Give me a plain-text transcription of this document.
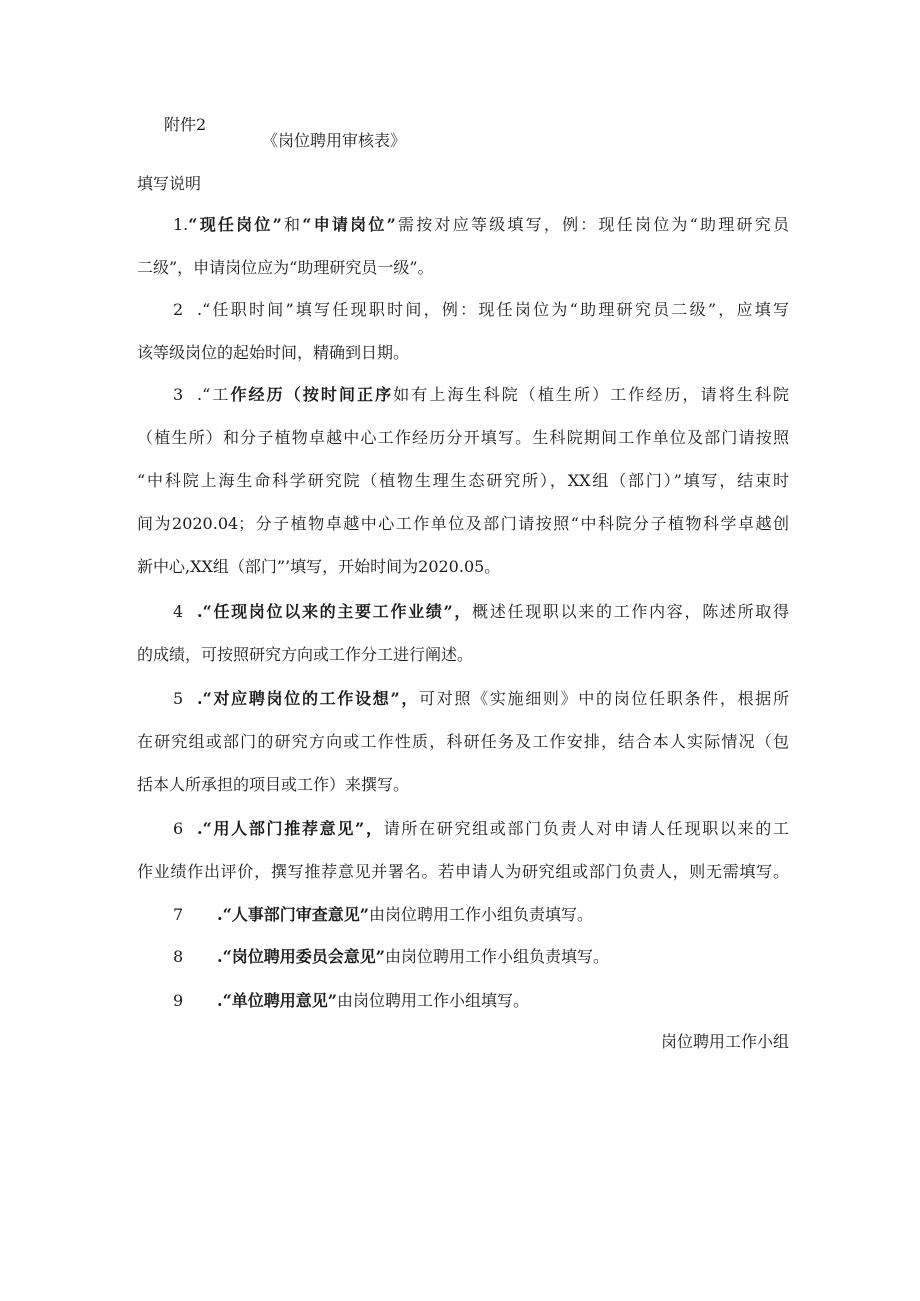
附件2
《岗位聘用审核表》
填写说明
1.“现任岗位”和“申请岗位”需按对应等级填写，例：现任岗位为“助理研究员
二级”，申请岗位应为“助理研究员一级”。
2 .“任职时间”填写任现职时间，例：现任岗位为“助理研究员二级”，应填写
该等级岗位的起始时间，精确到日期。
3 .“工作经历（按时间正序如有上海生科院（植生所）工作经历，请将生科院
（植生所）和分子植物卓越中心工作经历分开填写。生科院期间工作单位及部门请按照
“中科院上海生命科学研究院（植物生理生态研究所），XX组（部门）”填写，结束时
间为2020.04；分子植物卓越中心工作单位及部门请按照“中科院分子植物科学卓越创
新中心,XX组（部门”’填写，开始时间为2020.05。
4 .“任现岗位以来的主要工作业绩”，概述任现职以来的工作内容，陈述所取得
的成绩，可按照研究方向或工作分工进行阐述。
5 .“对应聘岗位的工作设想”，可对照《实施细则》中的岗位任职条件，根据所
在研究组或部门的研究方向或工作性质，科研任务及工作安排，结合本人实际情况（包
括本人所承担的项目或工作）来撰写。
6 .“用人部门推荐意见”，请所在研究组或部门负责人对申请人任现职以来的工
作业绩作出评价，撰写推荐意见并署名。若申请人为研究组或部门负责人，则无需填写。
7 .“人事部门审查意见”由岗位聘用工作小组负责填写。
8 .“岗位聘用委员会意见”由岗位聘用工作小组负责填写。
9 .“单位聘用意见”由岗位聘用工作小组填写。
岗位聘用工作小组
